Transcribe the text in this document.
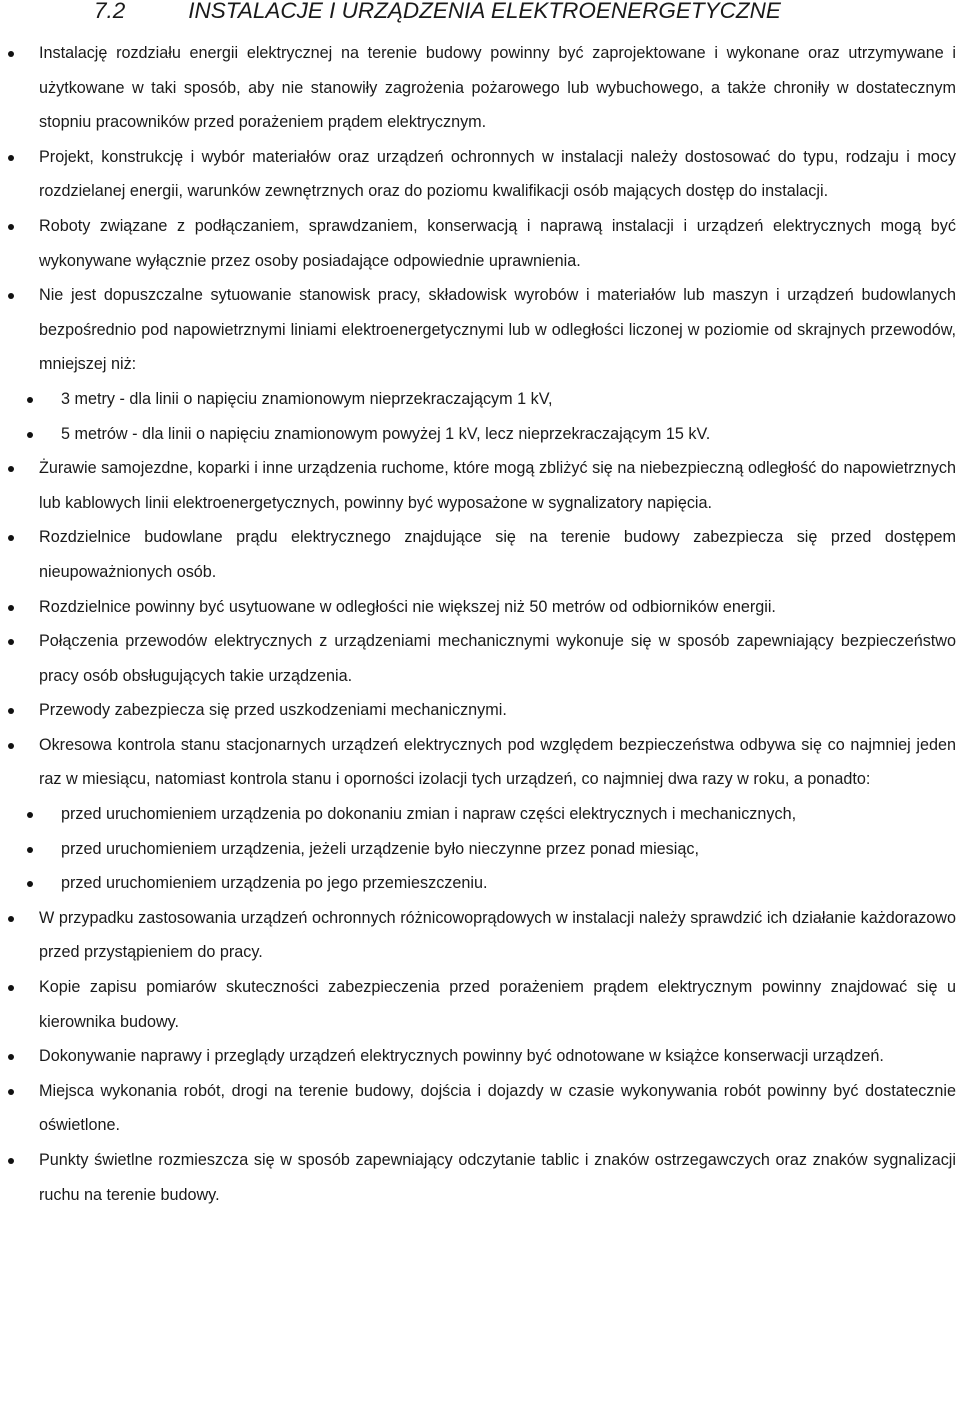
7.2	INSTALACJE I URZĄDZENIA ELEKTROENERGETYCZNE
Instalację rozdziału energii elektrycznej na terenie budowy powinny być zaprojektowane i wykonane oraz utrzymywane i użytkowane w taki sposób, aby nie stanowiły zagrożenia pożarowego lub wybuchowego, a także chroniły w dostatecznym stopniu pracowników przed porażeniem prądem elektrycznym.
Projekt, konstrukcję i wybór materiałów oraz urządzeń ochronnych w instalacji należy dostosować do typu, rodzaju i mocy rozdzielanej energii, warunków zewnętrznych oraz do poziomu kwalifikacji osób mających dostęp do instalacji.
Roboty związane z podłączaniem, sprawdzaniem, konserwacją i naprawą instalacji i urządzeń elektrycznych mogą być wykonywane wyłącznie przez osoby posiadające odpowiednie uprawnienia.
Nie jest dopuszczalne sytuowanie stanowisk pracy, składowisk wyrobów i materiałów lub maszyn i urządzeń budowlanych bezpośrednio pod napowietrznymi liniami elektroenergetycznymi lub w odległości liczonej w poziomie od skrajnych przewodów, mniejszej niż:
3 metry - dla linii o napięciu znamionowym nieprzekraczającym 1 kV,
5 metrów - dla linii o napięciu znamionowym powyżej 1 kV, lecz nieprzekraczającym 15 kV.
Żurawie samojezdne, koparki i inne urządzenia ruchome, które mogą zbliżyć się na niebezpieczną odległość do napowietrznych lub kablowych linii elektroenergetycznych, powinny być wyposażone w sygnalizatory napięcia.
Rozdzielnice budowlane prądu elektrycznego znajdujące się na terenie budowy zabezpiecza się przed dostępem nieupoważnionych osób.
Rozdzielnice powinny być usytuowane w odległości nie większej niż 50 metrów od odbiorników energii.
Połączenia przewodów elektrycznych z urządzeniami mechanicznymi wykonuje się w sposób zapewniający bezpieczeństwo pracy osób obsługujących takie urządzenia.
Przewody zabezpiecza się przed uszkodzeniami mechanicznymi.
Okresowa kontrola stanu stacjonarnych urządzeń elektrycznych pod względem bezpieczeństwa odbywa się co najmniej jeden raz w miesiącu, natomiast kontrola stanu i oporności izolacji tych urządzeń, co najmniej dwa razy w roku, a ponadto:
przed uruchomieniem urządzenia po dokonaniu zmian i napraw części elektrycznych i mechanicznych,
przed uruchomieniem urządzenia, jeżeli urządzenie było nieczynne przez ponad miesiąc,
przed uruchomieniem urządzenia po jego przemieszczeniu.
W przypadku zastosowania urządzeń ochronnych różnicowoprądowych w instalacji należy sprawdzić ich działanie każdorazowo przed przystąpieniem do pracy.
Kopie zapisu pomiarów skuteczności zabezpieczenia przed porażeniem prądem elektrycznym powinny znajdować się u kierownika budowy.
Dokonywanie naprawy i przeglądy urządzeń elektrycznych powinny być odnotowane w książce konserwacji urządzeń.
Miejsca wykonania robót, drogi na terenie budowy, dojścia i dojazdy w czasie wykonywania robót powinny być dostatecznie oświetlone.
Punkty świetlne rozmieszcza się w sposób zapewniający odczytanie tablic i znaków ostrzegawczych oraz znaków sygnalizacji ruchu na terenie budowy.
